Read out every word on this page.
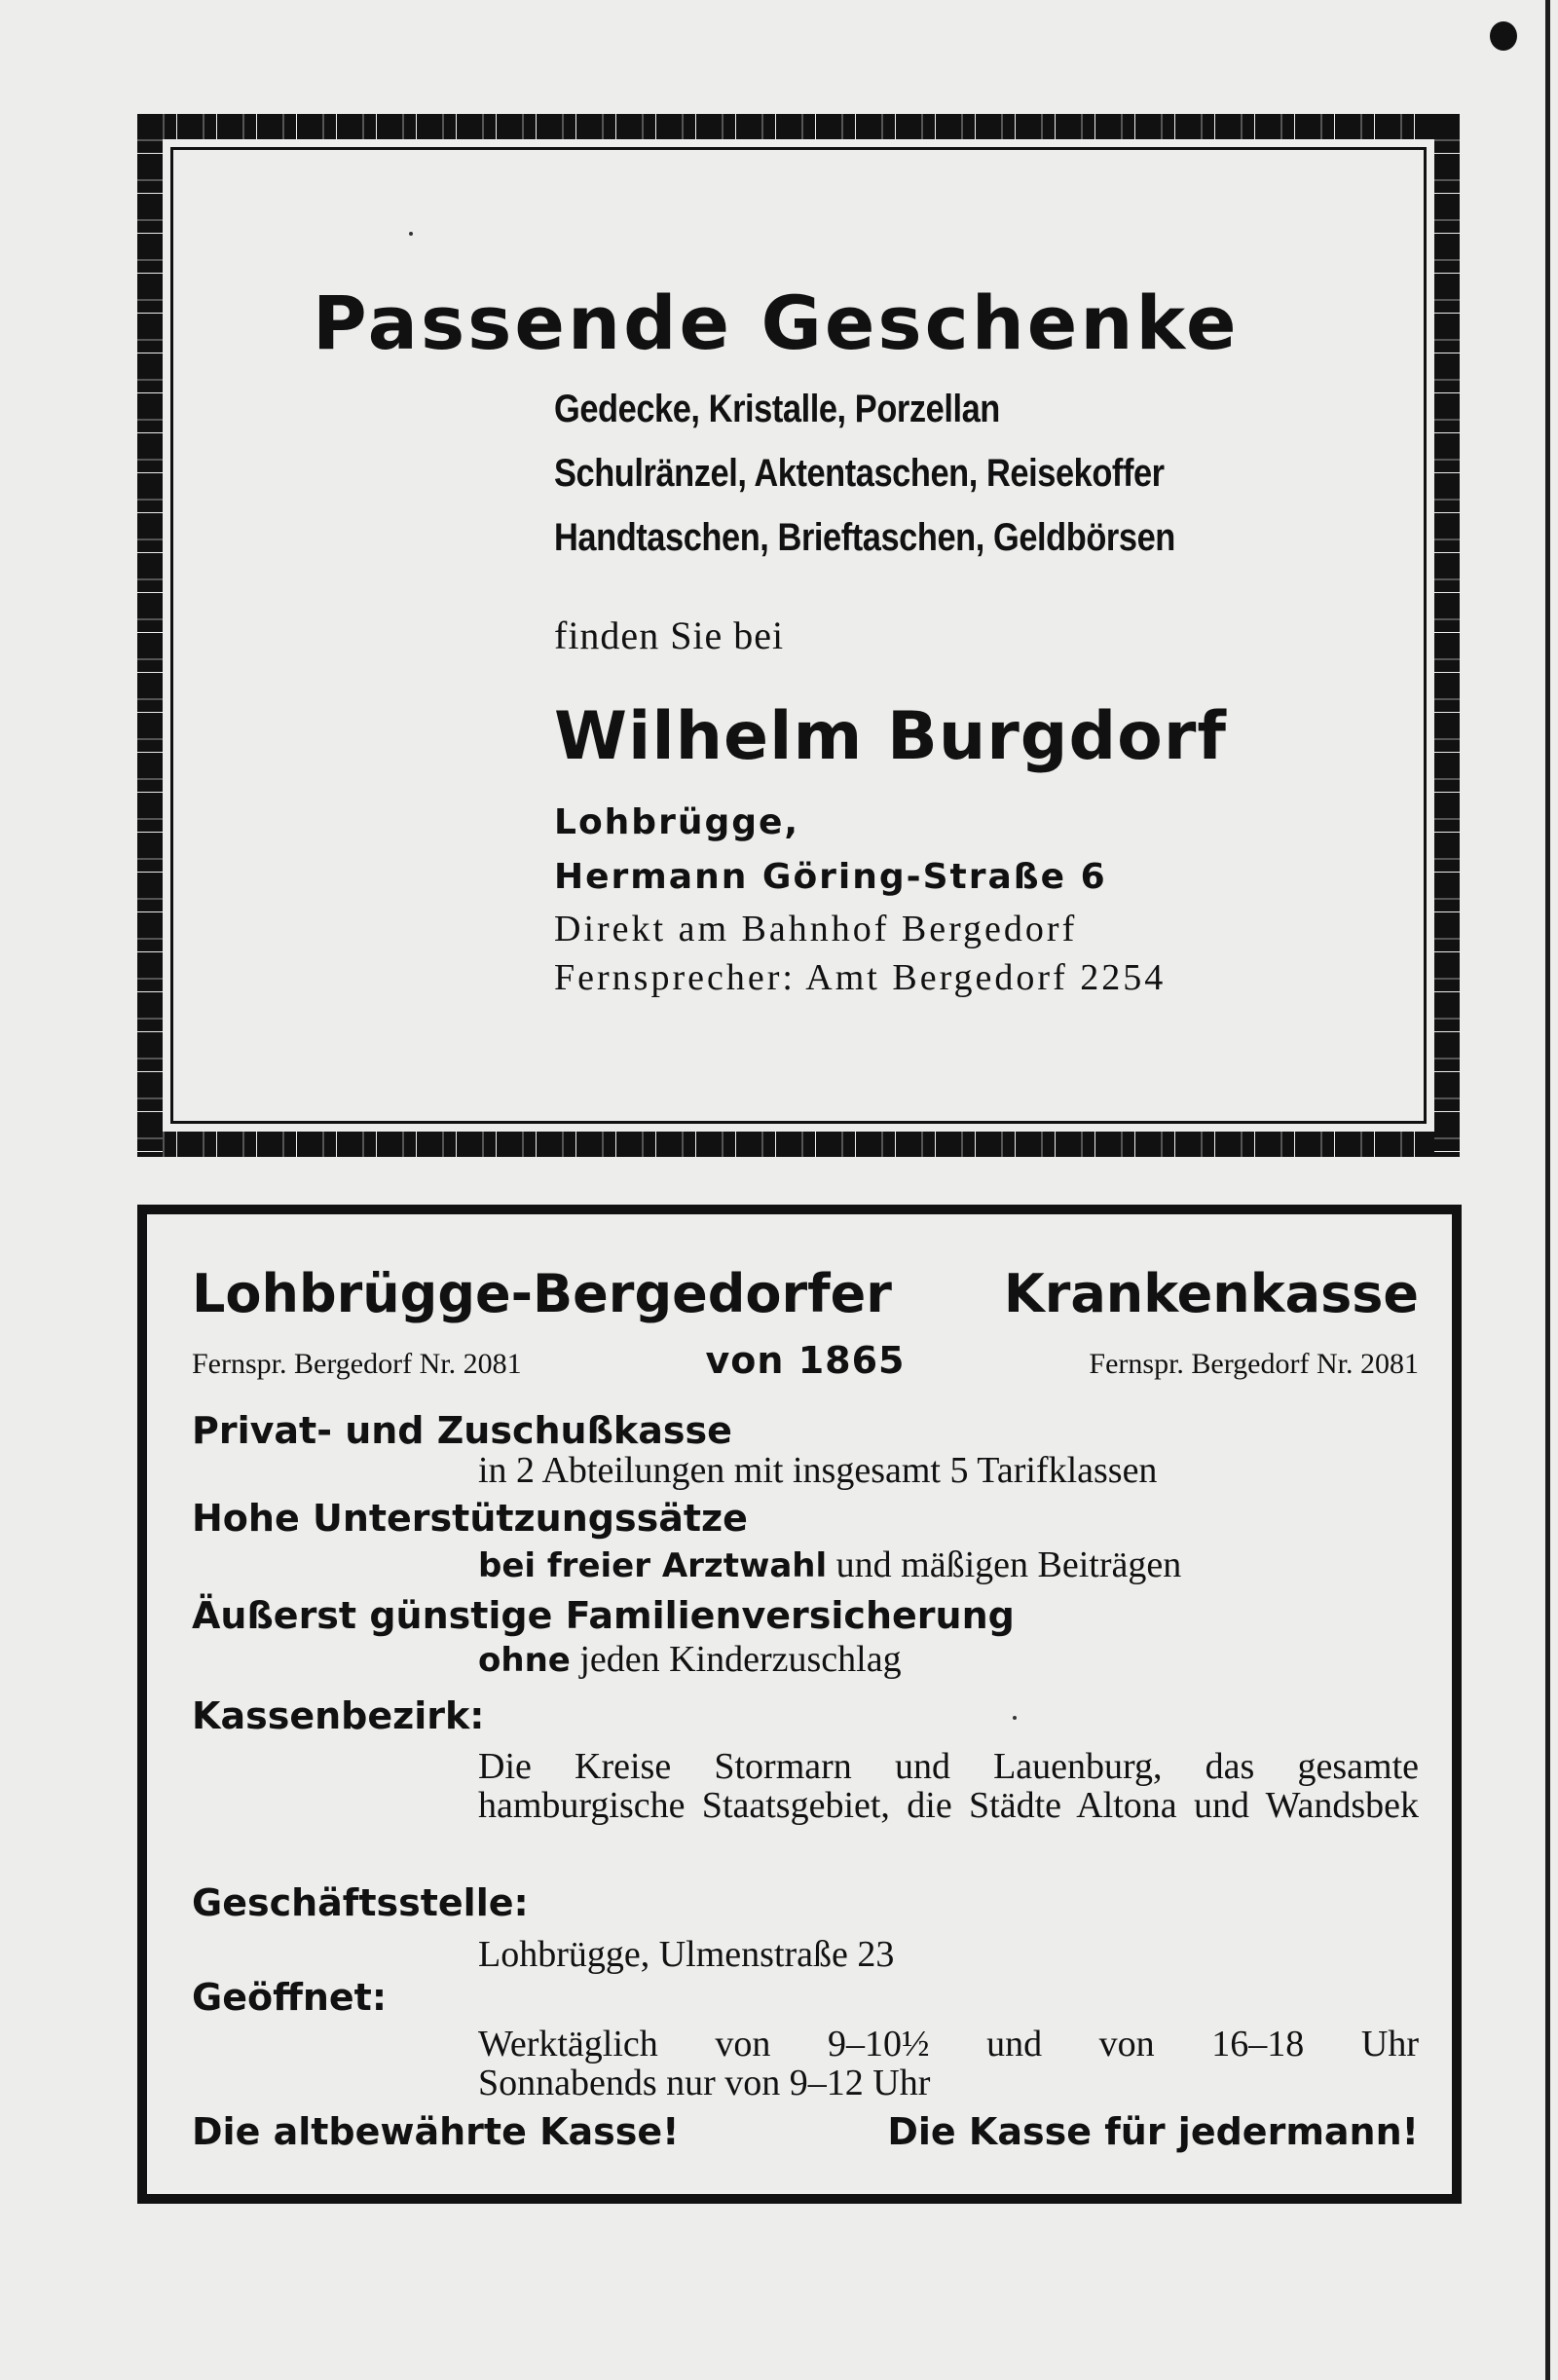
Passende Geschenke
Gedecke, Kristalle, Porzellan
Schulränzel, Aktentaschen, Reisekoffer
Handtaschen, Brieftaschen, Geldbörsen
finden Sie bei
Wilhelm Burgdorf
Lohbrügge,
Hermann Göring-Straße 6
Direkt am Bahnhof Bergedorf
Fernsprecher: Amt Bergedorf 2254
Lohbrügge-Bergedorfer Krankenkasse
Fernspr. Bergedorf Nr. 2081	von 1865	Fernspr. Bergedorf Nr. 2081
Privat- und Zuschußkasse
in 2 Abteilungen mit insgesamt 5 Tarifklassen
Hohe Unterstützungssätze
bei freier Arztwahl und mäßigen Beiträgen
Äußerst günstige Familienversicherung
ohne jeden Kinderzuschlag
Kassenbezirk:
Die Kreise Stormarn und Lauenburg, das gesamte hamburgische Staatsgebiet, die Städte Altona und Wandsbek
Geschäftsstelle:
Lohbrügge, Ulmenstraße 23
Geöffnet:
Werktäglich von 9–10½ und von 16–18 Uhr
Sonnabends nur von 9–12 Uhr
Die altbewährte Kasse!	Die Kasse für jedermann!
